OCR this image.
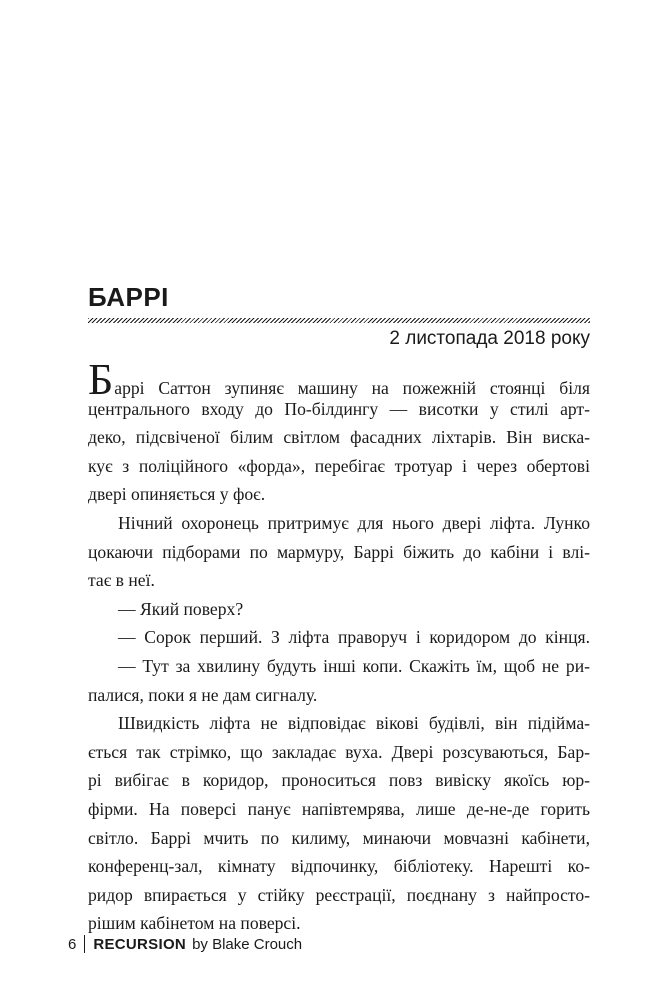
БАРРІ
2 листопада 2018 року
Б аррі Саттон зупиняє машину на пожежній стоянці біля
центрального входу до По-білдингу — висотки у стилі арт-
деко, підсвіченої білим світлом фасадних ліхтарів. Він виска-
кує з поліційного «форда», перебігає тротуар і через обертові
двері опиняється у фоє.
Нічний охоронець притримує для нього двері ліфта. Лунко
цокаючи підборами по мармуру, Баррі біжить до кабіни і влі-
тає в неї.
— Який поверх?
— Сорок перший. З ліфта праворуч і коридором до кінця.
— Тут за хвилину будуть інші копи. Скажіть їм, щоб не ри-
палися, поки я не дам сигналу.
Швидкість ліфта не відповідає віковi будівлі, він підійма-
ється так стрімко, що закладає вуха. Двері розсуваються, Бар-
рі вибігає в коридор, проноситься повз вивіску якоїсь юр-
фірми. На поверсі панує напівтемрява, лише де-не-де горить
світло. Баррі мчить по килиму, минаючи мовчазні кабінети,
конференц-зал, кімнату відпочинку, бібліотеку. Нарешті ко-
ридор впирається у стійку реєстрації, поєднану з найпросто-
рішим кабінетом на поверсі.
6 RECURSION by Blake Crouch
